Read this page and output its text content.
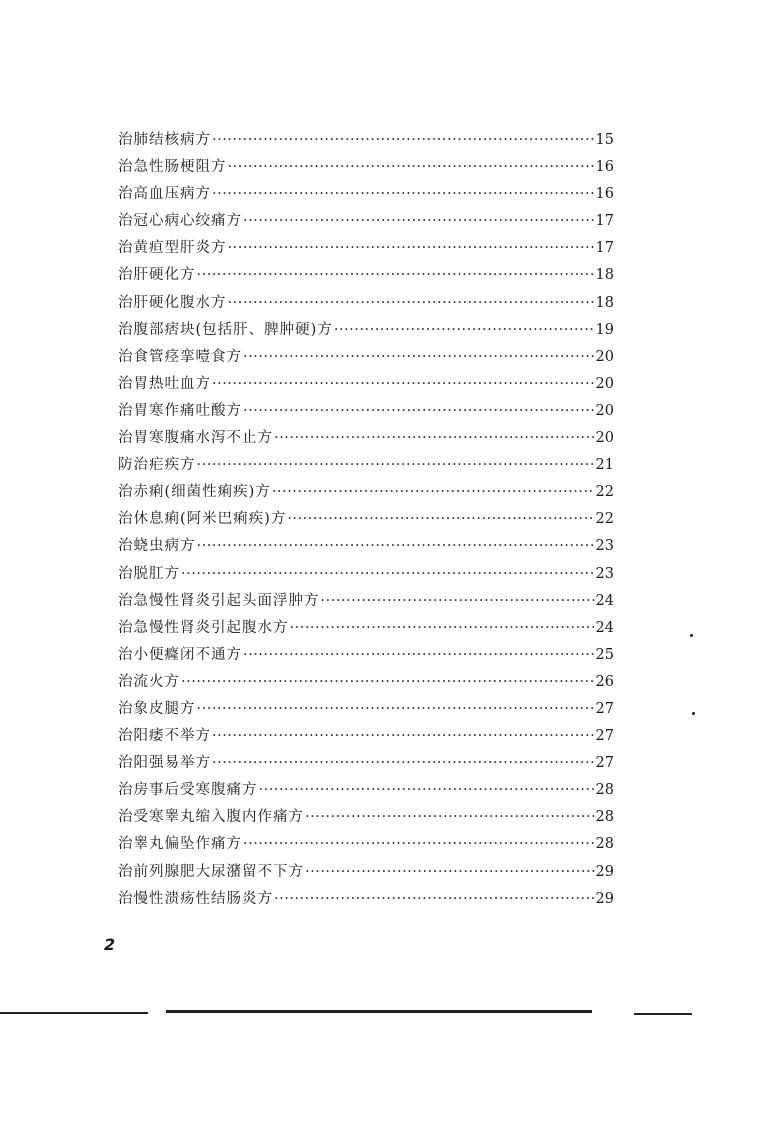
治肺结核病方 ·····	15
治急性肠梗阻方 ·····	16
治高血压病方 ·····	16
治冠心病心绞痛方 ·····	17
治黄疸型肝炎方 ·····	17
治肝硬化方 ·····	18
治肝硬化腹水方 ·····	18
治腹部痞块(包括肝、脾肿硬)方 ·····	19
治食管痉挛噎食方 ·····	20
治胃热吐血方 ·····	20
治胃寒作痛吐酸方 ·····	20
治胃寒腹痛水泻不止方 ·····	20
防治疟疾方 ·····	21
治赤痢(细菌性痢疾)方 ·····	22
治休息痢(阿米巴痢疾)方 ·····	22
治蛲虫病方 ·····	23
治脱肛方 ·····	23
治急慢性肾炎引起头面浮肿方 ·····	24
治急慢性肾炎引起腹水方 ·····	24
治小便癃闭不通方 ·····	25
治流火方 ·····	26
治象皮腿方 ·····	27
治阳痿不举方 ·····	27
治阳强易举方 ·····	27
治房事后受寒腹痛方 ·····	28
治受寒睾丸缩入腹内作痛方 ·····	28
治睾丸偏坠作痛方 ·····	28
治前列腺肥大尿潴留不下方 ·····	29
治慢性溃疡性结肠炎方 ·····	29
2
